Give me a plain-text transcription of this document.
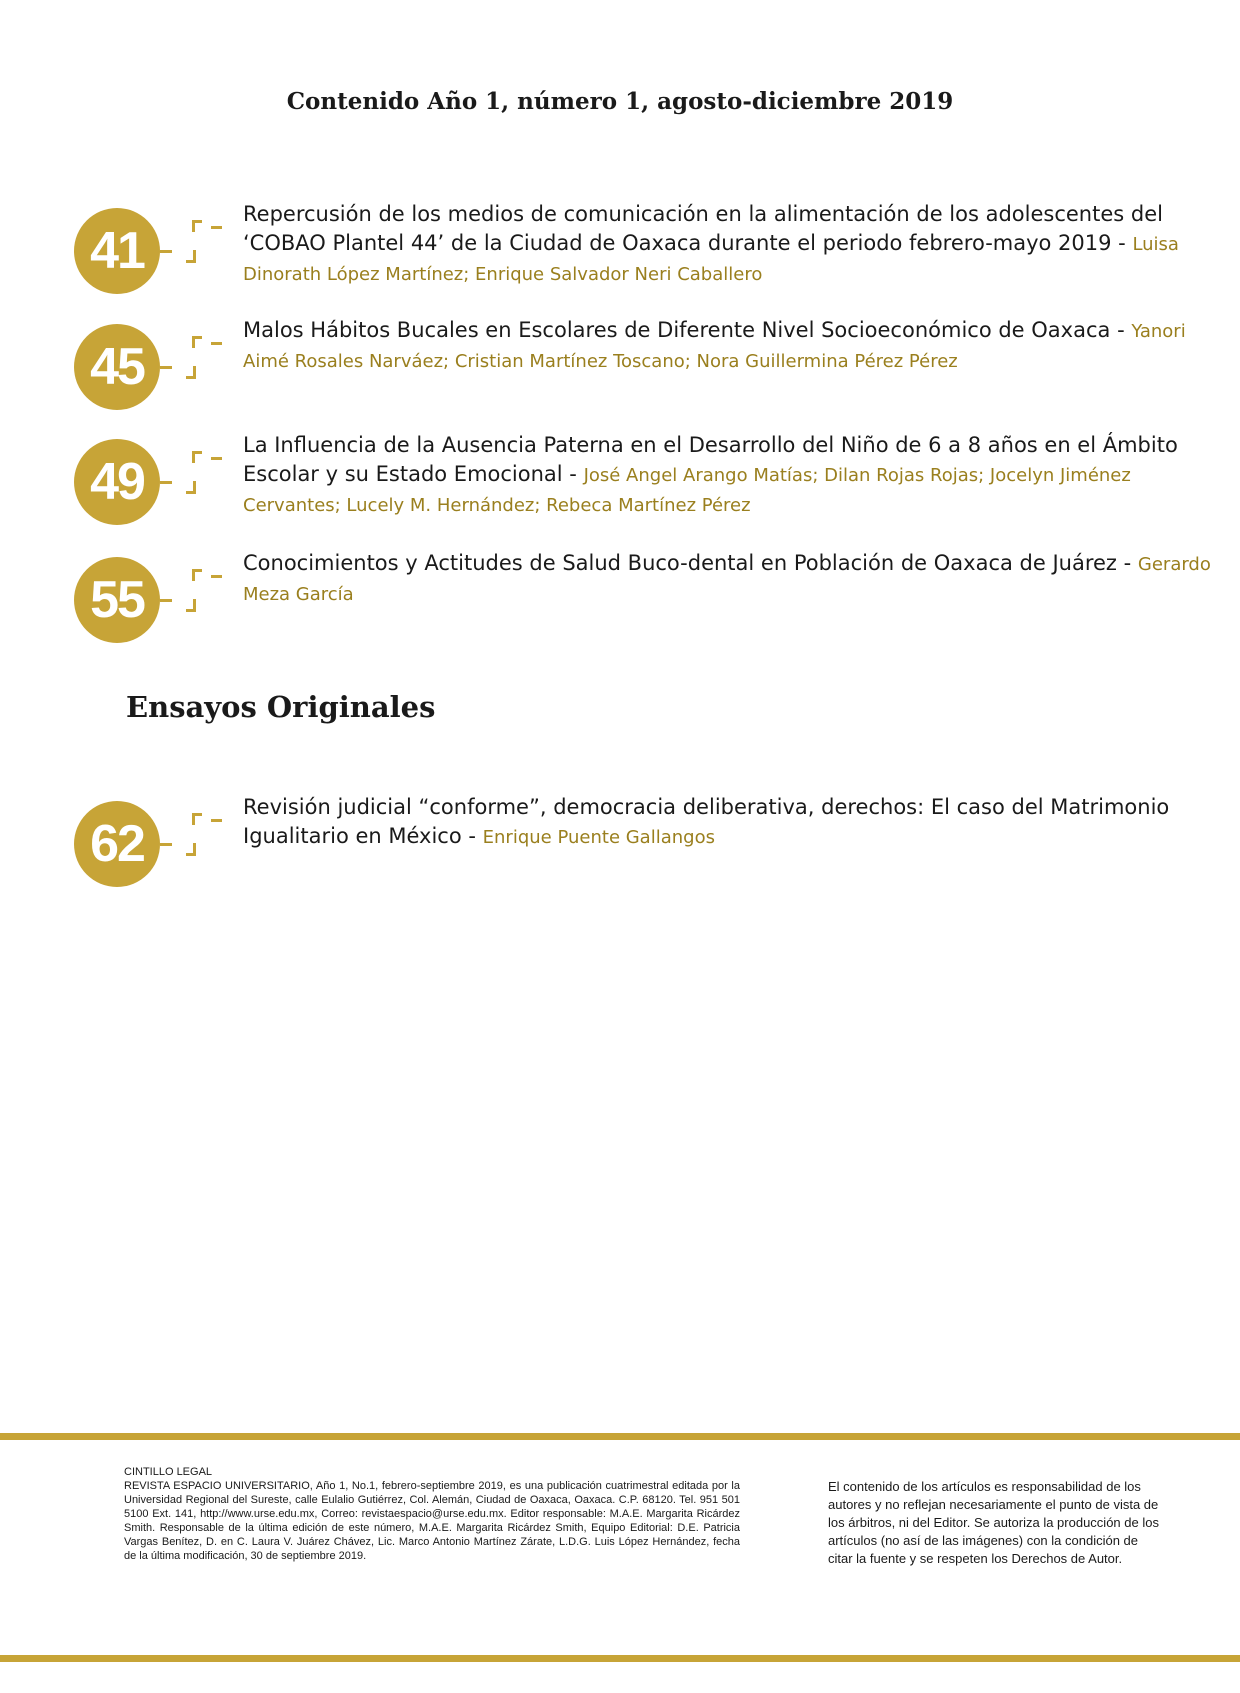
Contenido Año 1, número 1, agosto-diciembre 2019
41
Repercusión de los medios de comunicación en la alimentación de los adolescentes del ‘COBAO Plantel 44’ de la Ciudad de Oaxaca durante el periodo febrero-mayo 2019 - Luisa Dinorath López Martínez; Enrique Salvador Neri Caballero
45
Malos Hábitos Bucales en Escolares de Diferente Nivel Socioeconómico de Oaxaca - Yanori Aimé Rosales Narváez; Cristian Martínez Toscano; Nora Guillermina Pérez Pérez
49
La Influencia de la Ausencia Paterna en el Desarrollo del Niño de 6 a 8 años en el Ámbito Escolar y su Estado Emocional - José Angel Arango Matías; Dilan Rojas Rojas; Jocelyn Jiménez Cervantes; Lucely M. Hernández; Rebeca Martínez Pérez
55
Conocimientos y Actitudes de Salud Buco-dental en Población de Oaxaca de Juárez - Gerardo Meza García
Ensayos Originales
62
Revisión judicial “conforme”, democracia deliberativa, derechos: El caso del Matrimonio Igualitario en México - Enrique Puente Gallangos
CINTILLO LEGAL
REVISTA ESPACIO UNIVERSITARIO, Año 1, No.1, febrero-septiembre 2019, es una publicación cuatrimestral editada por la Universidad Regional del Sureste, calle Eulalio Gutiérrez, Col. Alemán, Ciudad de Oaxaca, Oaxaca. C.P. 68120. Tel. 951 501 5100 Ext. 141, http://www.urse.edu.mx, Correo: revistaespacio@urse.edu.mx. Editor responsable: M.A.E. Margarita Ricárdez Smith. Responsable de la última edición de este número, M.A.E. Margarita Ricárdez Smith, Equipo Editorial: D.E. Patricia Vargas Benítez, D. en C. Laura V. Juárez Chávez, Lic. Marco Antonio Martínez Zárate, L.D.G. Luis López Hernández, fecha de la última modificación, 30 de septiembre 2019.
El contenido de los artículos es responsabilidad de los autores y no reflejan necesariamente el punto de vista de los árbitros, ni del Editor. Se autoriza la producción de los artículos (no así de las imágenes) con la condición de citar la fuente y se respeten los Derechos de Autor.
